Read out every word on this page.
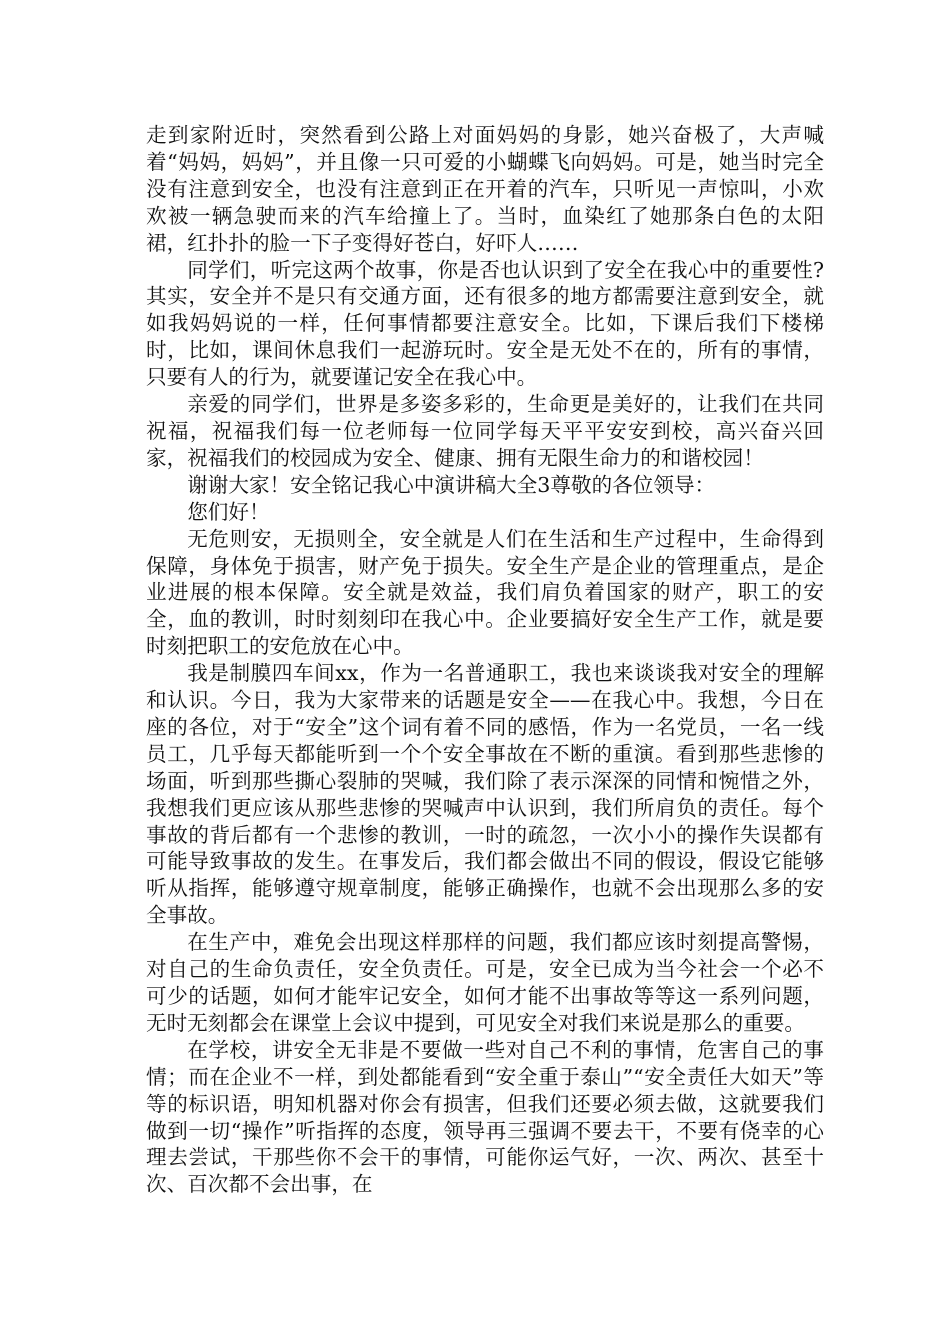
走到家附近时，突然看到公路上对面妈妈的身影，她兴奋极了，大声喊着“妈妈，妈妈”，并且像一只可爱的小蝴蝶飞向妈妈。可是，她当时完全没有注意到安全，也没有注意到正在开着的汽车，只听见一声惊叫，小欢欢被一辆急驶而来的汽车给撞上了。当时，血染红了她那条白色的太阳裙，红扑扑的脸一下子变得好苍白，好吓人……

同学们，听完这两个故事，你是否也认识到了安全在我心中的重要性?其实，安全并不是只有交通方面，还有很多的地方都需要注意到安全，就如我妈妈说的一样，任何事情都要注意安全。比如，下课后我们下楼梯时，比如，课间休息我们一起游玩时。安全是无处不在的，所有的事情，只要有人的行为，就要谨记安全在我心中。

亲爱的同学们，世界是多姿多彩的，生命更是美好的，让我们在共同祝福，祝福我们每一位老师每一位同学每天平平安安到校，高兴奋兴回家，祝福我们的校园成为安全、健康、拥有无限生命力的和谐校园！

谢谢大家！安全铭记我心中演讲稿大全3尊敬的各位领导：

您们好！

无危则安，无损则全，安全就是人们在生活和生产过程中，生命得到保障，身体免于损害，财产免于损失。安全生产是企业的管理重点，是企业进展的根本保障。安全就是效益，我们肩负着国家的财产，职工的安全，血的教训，时时刻刻印在我心中。企业要搞好安全生产工作，就是要时刻把职工的安危放在心中。

我是制膜四车间xx，作为一名普通职工，我也来谈谈我对安全的理解和认识。今日，我为大家带来的话题是安全——在我心中。我想，今日在座的各位，对于“安全”这个词有着不同的感悟，作为一名党员，一名一线员工，几乎每天都能听到一个个安全事故在不断的重演。看到那些悲惨的场面，听到那些撕心裂肺的哭喊，我们除了表示深深的同情和惋惜之外，我想我们更应该从那些悲惨的哭喊声中认识到，我们所肩负的责任。每个事故的背后都有一个悲惨的教训，一时的疏忽，一次小小的操作失误都有可能导致事故的发生。在事发后，我们都会做出不同的假设，假设它能够听从指挥，能够遵守规章制度，能够正确操作，也就不会出现那么多的安全事故。

在生产中，难免会出现这样那样的问题，我们都应该时刻提高警惕，对自己的生命负责任，安全负责任。可是，安全已成为当今社会一个必不可少的话题，如何才能牢记安全，如何才能不出事故等等这一系列问题，无时无刻都会在课堂上会议中提到，可见安全对我们来说是那么的重要。

在学校，讲安全无非是不要做一些对自己不利的事情，危害自己的事情；而在企业不一样，到处都能看到“安全重于泰山”“安全责任大如天”等等的标识语，明知机器对你会有损害，但我们还要必须去做，这就要我们做到一切“操作”听指挥的态度，领导再三强调不要去干，不要有侥幸的心理去尝试，干那些你不会干的事情，可能你运气好，一次、两次、甚至十次、百次都不会出事，在
